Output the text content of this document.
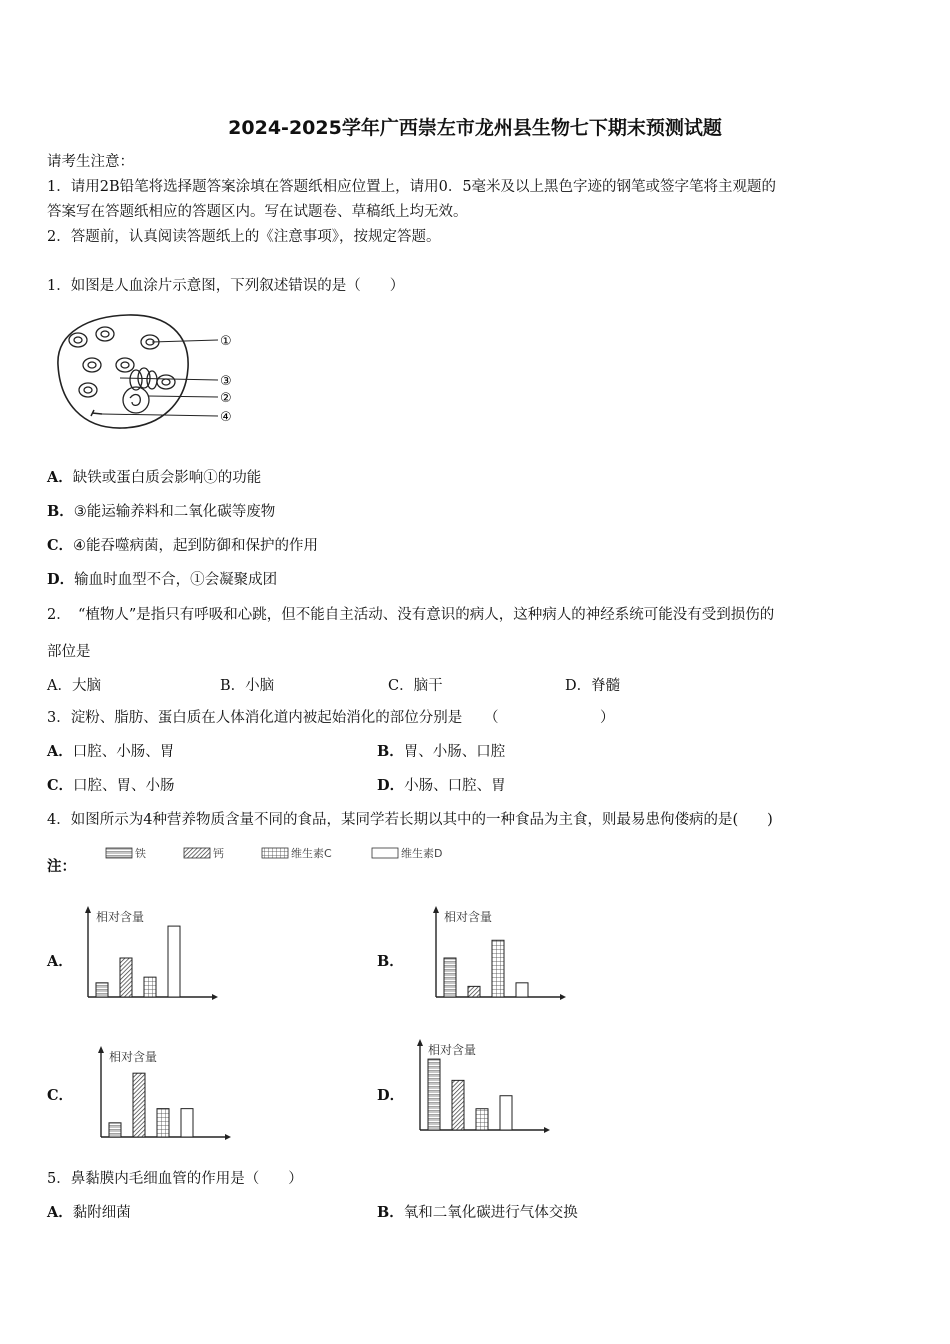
2024-2025学年广西崇左市龙州县生物七下期末预测试题
请考生注意：
1．请用2B铅笔将选择题答案涂填在答题纸相应位置上，请用0．5毫米及以上黑色字迹的钢笔或签字笔将主观题的
答案写在答题纸相应的答题区内。写在试题卷、草稿纸上均无效。
2．答题前，认真阅读答题纸上的《注意事项》，按规定答题。
1．如图是人血涂片示意图，下列叙述错误的是（　　）
①
③
②
④
A．缺铁或蛋白质会影响①的功能
B．③能运输养料和二氧化碳等废物
C．④能吞噬病菌，起到防御和保护的作用
D．输血时血型不合，①会凝聚成团
2．　“植物人”是指只有呼吸和心跳，但不能自主活动、没有意识的病人，这种病人的神经系统可能没有受到损伤的
部位是
A．大脑	B．小脑	C．脑干	D．脊髓
3．淀粉、脂肪、蛋白质在人体消化道内被起始消化的部位分别是　　（　　　　　　　）
A．口腔、小肠、胃	B．胃、小肠、口腔
C．口腔、胃、小肠	D．小肠、口腔、胃
4．如图所示为4种营养物质含量不同的食品，某同学若长期以其中的一种食品为主食，则最易患佝偻病的是(　　)
注：
铁	钙	维生素C	维生素D
A．	B．
C．	D．
相对含量	相对含量
相对含量	相对含量
5．鼻黏膜内毛细血管的作用是（　　）
A．黏附细菌	B．氧和二氧化碳进行气体交换
